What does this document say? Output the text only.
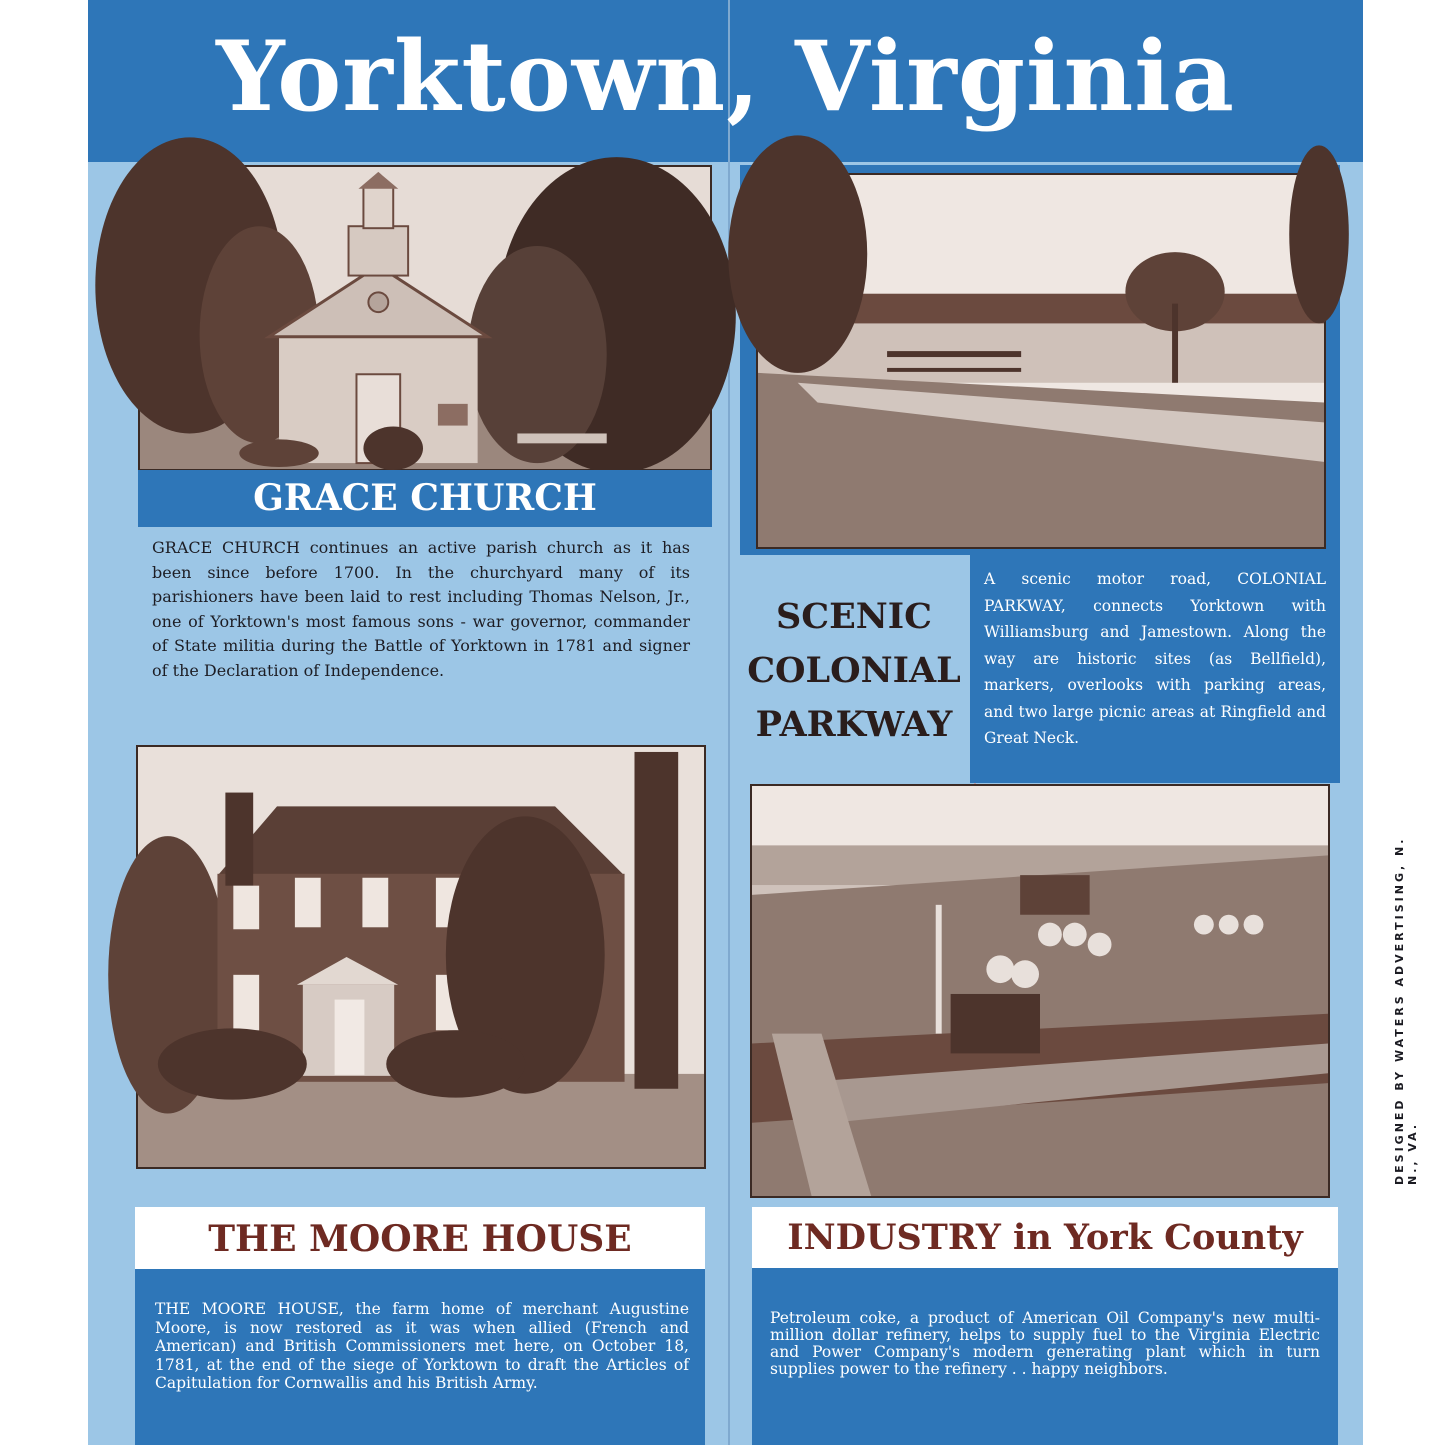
Yorktown, Virginia
GRACE CHURCH
GRACE CHURCH continues an active parish church as it has been since before 1700. In the churchyard many of its parishioners have been laid to rest including Thomas Nelson, Jr., one of Yorktown's most famous sons - war governor, commander of State militia during the Battle of Yorktown in 1781 and signer of the Declaration of Independence.
SCENIC
COLONIAL
PARKWAY
A scenic motor road, COLONIAL PARKWAY, connects Yorktown with Williamsburg and Jamestown. Along the way are historic sites (as Bellfield), markers, overlooks with parking areas, and two large picnic areas at Ringfield and Great Neck.
THE MOORE HOUSE
THE MOORE HOUSE, the farm home of merchant Augustine Moore, is now restored as it was when allied (French and American) and British Commissioners met here, on October 18, 1781, at the end of the siege of Yorktown to draft the Articles of Capitulation for Cornwallis and his British Army.
INDUSTRY in York County
Petroleum coke, a product of American Oil Company's new multi-million dollar refinery, helps to supply fuel to the Virginia Electric and Power Company's modern generating plant which in turn supplies power to the refinery . . happy neighbors.
DESIGNED BY WATERS ADVERTISING, N. N., VA.
